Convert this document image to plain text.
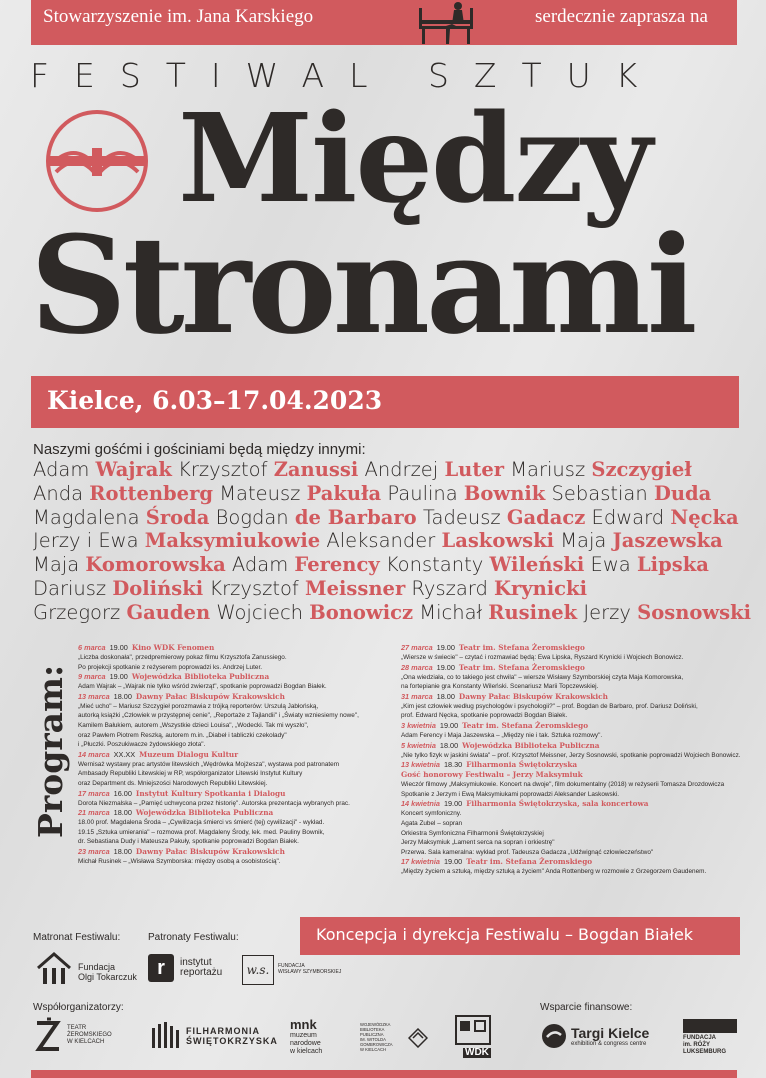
Stowarzyszenie im. Jana Karskiego	serdecznie zaprasza na
FESTIWAL SZTUK
Między
Stronami
Kielce, 6.03–17.04.2023
Naszymi gośćmi i gościniami będą między innymi:
Adam Wajrak Krzysztof Zanussi Andrzej Luter Mariusz Szczygieł
Anda Rottenberg Mateusz Pakuła Paulina Bownik Sebastian Duda
Magdalena Środa Bogdan de Barbaro Tadeusz Gadacz Edward Nęcka
Jerzy i Ewa Maksymiukowie Aleksander Laskowski Maja Jaszewska
Maja Komorowska Adam Ferency Konstanty Wileński Ewa Lipska
Dariusz Doliński Krzysztof Meissner Ryszard Krynicki
Grzegorz Gauden Wojciech Bonowicz Michał Rusinek Jerzy Sosnowski
Program:
6 marca 19.00 Kino WDK Fenomen
„Liczba doskonała", przedpremierowy pokaz filmu Krzysztofa Zanussiego.
Po projekcji spotkanie z reżyserem poprowadzi ks. Andrzej Luter.
9 marca 19.00 Wojewódzka Biblioteka Publiczna
Adam Wajrak – „Wajrak nie tylko wśród zwierząt", spotkanie poprowadzi Bogdan Białek.
13 marca 18.00 Dawny Pałac Biskupów Krakowskich
„Mieć ucho" – Mariusz Szczygieł porozmawia z trójką reporterów: Urszulą Jabłońską,
autorką książki „Człowiek w przystępnej cenie", „Reportaże z Tajlandii" i „Światy wzniesiemy nowe",
Kamilem Bałukiem, autorem „Wszystkie dzieci Louisa", „Wodecki. Tak mi wyszło",
oraz Pawłem Piotrem Reszką, autorem m.in. „Diabeł i tabliczki czekolady"
i „Płuczki. Poszukiwacze żydowskiego złota".
14 marca XX.XX Muzeum Dialogu Kultur
Wernisaż wystawy prac artystów litewskich „Wędrówka Mojżesza", wystawa pod patronatem
Ambasady Republiki Litewskiej w RP, współorganizator Litewski Instytut Kultury
oraz Department ds. Mniejszości Narodowych Republiki Litewskiej.
17 marca 16.00 Instytut Kultury Spotkania i Dialogu
Dorota Niezmalska – „Pamięć uchwycona przez historię". Autorska prezentacja wybranych prac.
21 marca 18.00 Wojewódzka Biblioteka Publiczna
18.00 prof. Magdalena Środa – „Cywilizacja śmierci vs śmierć (tej) cywilizacji" - wykład.
19.15 „Sztuka umierania" – rozmowa prof. Magdaleny Środy, lek. med. Pauliny Bownik,
dr. Sebastiana Dudy i Mateusza Pakuły, spotkanie poprowadzi Bogdan Białek.
23 marca 18.00 Dawny Pałac Biskupów Krakowskich
Michał Rusinek – „Wisława Szymborska: między osobą a osobistością".
27 marca 19.00 Teatr im. Stefana Żeromskiego
„Wiersze w świecie" – czytać i rozmawiać będą: Ewa Lipska, Ryszard Krynicki i Wojciech Bonowicz.
28 marca 19.00 Teatr im. Stefana Żeromskiego
„Ona wiedziała, co to takiego jest chwila" – wiersze Wisławy Szymborskiej czyta Maja Komorowska,
na fortepianie gra Konstanty Wileński. Scenariusz Marii Topczewskiej.
31 marca 18.00 Dawny Pałac Biskupów Krakowskich
„Kim jest człowiek według psychologów i psychologii?" – prof. Bogdan de Barbaro, prof. Dariusz Doliński,
prof. Edward Nęcka, spotkanie poprowadzi Bogdan Białek.
3 kwietnia 19.00 Teatr im. Stefana Żeromskiego
Adam Ferency i Maja Jaszewska – „Między nie i tak. Sztuka rozmowy".
5 kwietnia 18.00 Wojewódzka Biblioteka Publiczna
„Nie tylko fizyk w jaskini świata" – prof. Krzysztof Meissner, Jerzy Sosnowski, spotkanie poprowadzi Wojciech Bonowicz.
13 kwietnia 18.30 Filharmonia Świętokrzyska
Gość honorowy Festiwalu – Jerzy Maksymiuk
Wieczór filmowy „Maksymiukowie. Koncert na dwoje", film dokumentalny (2018) w reżyserii Tomasza Drozdowicza
Spotkanie z Jerzym i Ewą Maksymiukami poprowadzi Aleksander Laskowski.
14 kwietnia 19.00 Filharmonia Świętokrzyska, sala koncertowa
Koncert symfoniczny.
Agata Zubel – sopran
Orkiestra Symfoniczna Filharmonii Świętokrzyskiej
Jerzy Maksymiuk „Lament serca na sopran i orkiestrę"
Przerwa. Sala kameralna: wykład prof. Tadeusza Gadacza „Udźwignąć człowieczeństwo"
17 kwietnia 19.00 Teatr im. Stefana Żeromskiego
„Między życiem a sztuką, między sztuką a życiem" Anda Rottenberg w rozmowie z Grzegorzem Gaudenem.
Koncepcja i dyrekcja Festiwalu – Bogdan Białek
Matronat Festiwalu:	Patronaty Festiwalu:
Współorganizatorzy:	Wsparcie finansowe:
Fundacja
Olgi Tokarczuk	r	instytut
reportażu	w.s.	FUNDACJA
WISŁAWY SZYMBORSKIEJ
TEATR
ŻEROMSKIEGO
W KIELCACH
FILHARMONIA
ŚWIĘTOKRZYSKA
mnk
muzeum
narodowe
w kielcach
WOJEWÓDZKA
BIBLIOTEKA
PUBLICZNA
IM. WITOLDA
GOMBROWICZA
W KIELCACH	WDK
Targi Kielce
exhibition & congress centre
FUNDACJA
im. RÓŻY
LUKSEMBURG
